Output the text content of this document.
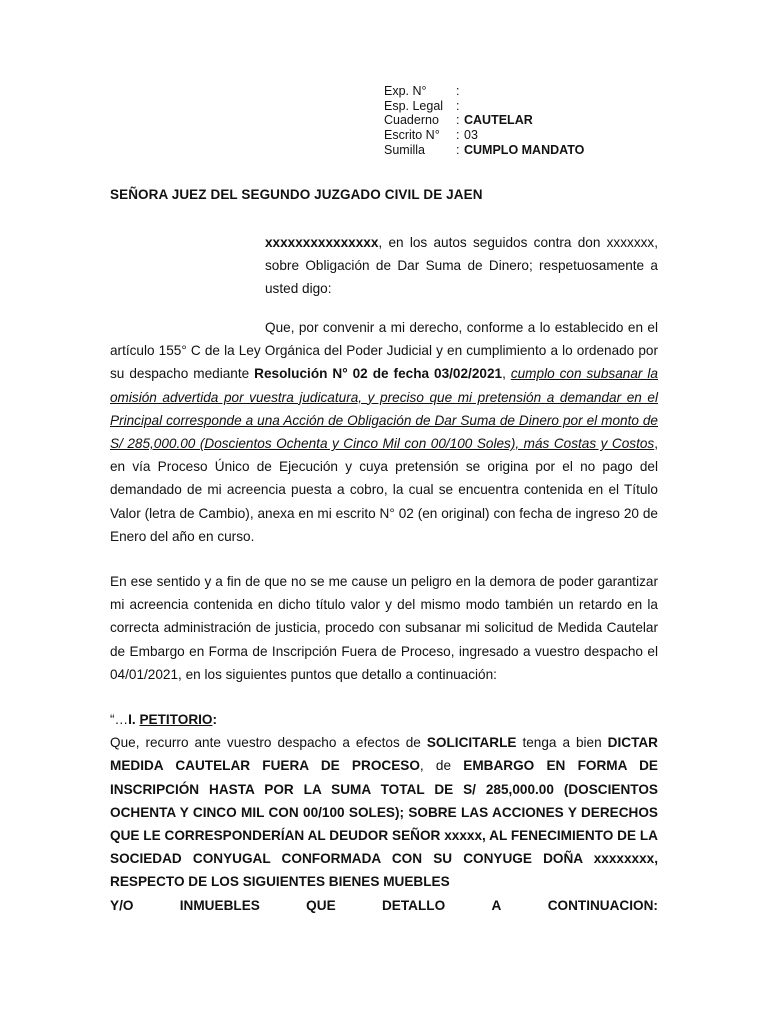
Exp. N°	:
Esp. Legal	:
Cuaderno	: CAUTELAR
Escrito N°	: 03
Sumilla	: CUMPLO MANDATO
SEÑORA JUEZ DEL SEGUNDO JUZGADO CIVIL DE JAEN

xxxxxxxxxxxxxxx, en los autos seguidos contra don xxxxxxx, sobre Obligación de Dar Suma de Dinero; respetuosamente a usted digo:

Que, por convenir a mi derecho, conforme a lo establecido en el artículo 155° C de la Ley Orgánica del Poder Judicial y en cumplimiento a lo ordenado por su despacho mediante Resolución N° 02 de fecha 03/02/2021, cumplo con subsanar la omisión advertida por vuestra judicatura, y preciso que mi pretensión a demandar en el Principal corresponde a una Acción de Obligación de Dar Suma de Dinero por el monto de S/ 285,000.00 (Doscientos Ochenta y Cinco Mil con 00/100 Soles), más Costas y Costos, en vía Proceso Único de Ejecución y cuya pretensión se origina por el no pago del demandado de mi acreencia puesta a cobro, la cual se encuentra contenida en el Título Valor (letra de Cambio), anexa en mi escrito N° 02 (en original) con fecha de ingreso 20 de Enero del año en curso.

En ese sentido y a fin de que no se me cause un peligro en la demora de poder garantizar mi acreencia contenida en dicho título valor y del mismo modo también un retardo en la correcta administración de justicia, procedo con subsanar mi solicitud de Medida Cautelar de Embargo en Forma de Inscripción Fuera de Proceso, ingresado a vuestro despacho el 04/01/2021, en los siguientes puntos que detallo a continuación:

“…I. PETITORIO:

Que, recurro ante vuestro despacho a efectos de SOLICITARLE tenga a bien DICTAR MEDIDA CAUTELAR FUERA DE PROCESO, de EMBARGO EN FORMA DE INSCRIPCIÓN HASTA POR LA SUMA TOTAL DE S/ 285,000.00 (DOSCIENTOS OCHENTA Y CINCO MIL CON 00/100 SOLES); SOBRE LAS ACCIONES Y DERECHOS QUE LE CORRESPONDERÍAN AL DEUDOR SEÑOR xxxxx, AL FENECIMIENTO DE LA SOCIEDAD CONYUGAL CONFORMADA CON SU CONYUGE DOÑA xxxxxxxx, RESPECTO DE LOS SIGUIENTES BIENES MUEBLES

Y/O	INMUEBLES	QUE	DETALLO	A	CONTINUACION:
